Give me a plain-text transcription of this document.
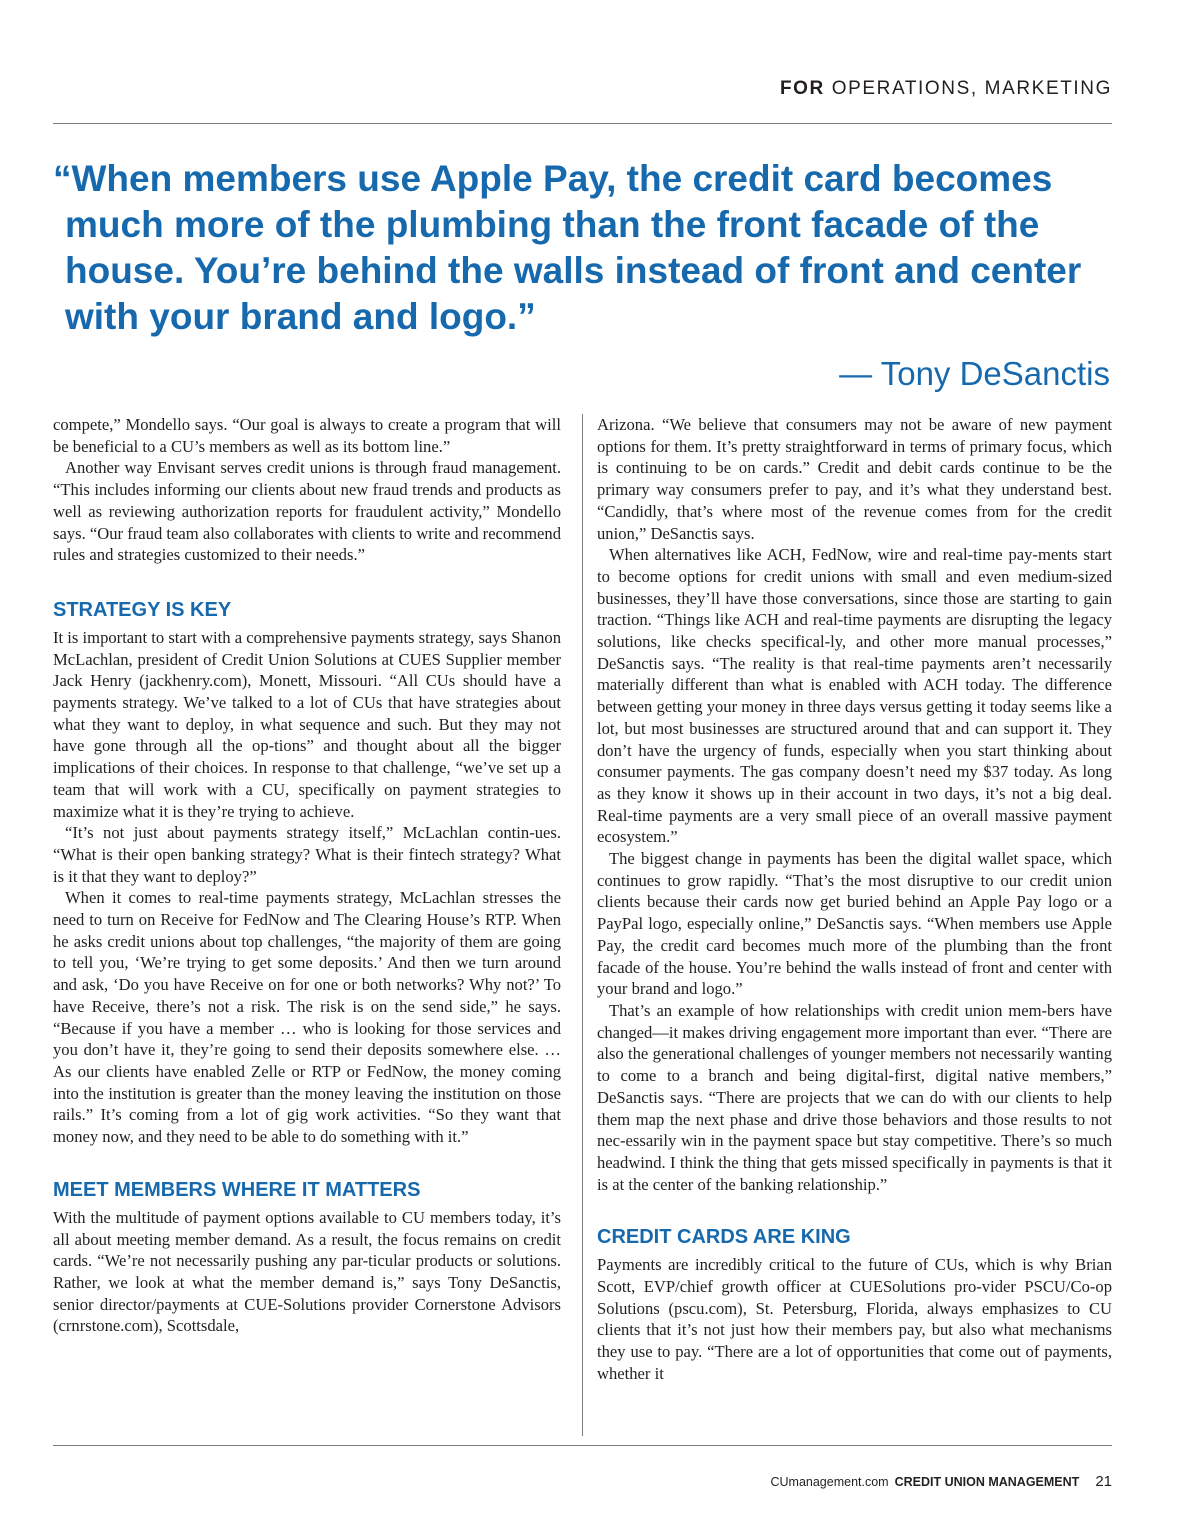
FOR OPERATIONS, MARKETING
“When members use Apple Pay, the credit card becomes much more of the plumbing than the front facade of the house. You’re behind the walls instead of front and center with your brand and logo.”
— Tony DeSanctis

compete,” Mondello says. “Our goal is always to create a program that will be beneficial to a CU’s members as well as its bottom line.”

Another way Envisant serves credit unions is through fraud management. “This includes informing our clients about new fraud trends and products as well as reviewing authorization reports for fraudulent activity,” Mondello says. “Our fraud team also collaborates with clients to write and recommend rules and strategies customized to their needs.”

STRATEGY IS KEY

It is important to start with a comprehensive payments strategy, says Shanon McLachlan, president of Credit Union Solutions at CUES Supplier member Jack Henry (jackhenry.com), Monett, Missouri. “All CUs should have a payments strategy. We’ve talked to a lot of CUs that have strategies about what they want to deploy, in what sequence and such. But they may not have gone through all the op-tions” and thought about all the bigger implications of their choices. In response to that challenge, “we’ve set up a team that will work with a CU, specifically on payment strategies to maximize what it is they’re trying to achieve.

“It’s not just about payments strategy itself,” McLachlan contin-ues. “What is their open banking strategy? What is their fintech strategy? What is it that they want to deploy?”

When it comes to real-time payments strategy, McLachlan stresses the need to turn on Receive for FedNow and The Clearing House’s RTP. When he asks credit unions about top challenges, “the majority of them are going to tell you, ‘We’re trying to get some deposits.’ And then we turn around and ask, ‘Do you have Receive on for one or both networks? Why not?’ To have Receive, there’s not a risk. The risk is on the send side,” he says. “Because if you have a member … who is looking for those services and you don’t have it, they’re going to send their deposits somewhere else. … As our clients have enabled Zelle or RTP or FedNow, the money coming into the institution is greater than the money leaving the institution on those rails.” It’s coming from a lot of gig work activities. “So they want that money now, and they need to be able to do something with it.”

MEET MEMBERS WHERE IT MATTERS

With the multitude of payment options available to CU members today, it’s all about meeting member demand. As a result, the focus remains on credit cards. “We’re not necessarily pushing any par-ticular products or solutions. Rather, we look at what the member demand is,” says Tony DeSanctis, senior director/payments at CUE-Solutions provider Cornerstone Advisors (crnrstone.com), Scottsdale,

Arizona. “We believe that consumers may not be aware of new payment options for them. It’s pretty straightforward in terms of primary focus, which is continuing to be on cards.” Credit and debit cards continue to be the primary way consumers prefer to pay, and it’s what they understand best. “Candidly, that’s where most of the revenue comes from for the credit union,” DeSanctis says.

When alternatives like ACH, FedNow, wire and real-time pay-ments start to become options for credit unions with small and even medium-sized businesses, they’ll have those conversations, since those are starting to gain traction. “Things like ACH and real-time payments are disrupting the legacy solutions, like checks specifical-ly, and other more manual processes,” DeSanctis says. “The reality is that real-time payments aren’t necessarily materially different than what is enabled with ACH today. The difference between getting your money in three days versus getting it today seems like a lot, but most businesses are structured around that and can support it. They don’t have the urgency of funds, especially when you start thinking about consumer payments. The gas company doesn’t need my $37 today. As long as they know it shows up in their account in two days, it’s not a big deal. Real-time payments are a very small piece of an overall massive payment ecosystem.”

The biggest change in payments has been the digital wallet space, which continues to grow rapidly. “That’s the most disruptive to our credit union clients because their cards now get buried behind an Apple Pay logo or a PayPal logo, especially online,” DeSanctis says. “When members use Apple Pay, the credit card becomes much more of the plumbing than the front facade of the house. You’re behind the walls instead of front and center with your brand and logo.”

That’s an example of how relationships with credit union mem-bers have changed—it makes driving engagement more important than ever. “There are also the generational challenges of younger members not necessarily wanting to come to a branch and being digital-first, digital native members,” DeSanctis says. “There are projects that we can do with our clients to help them map the next phase and drive those behaviors and those results to not nec-essarily win in the payment space but stay competitive. There’s so much headwind. I think the thing that gets missed specifically in payments is that it is at the center of the banking relationship.”

CREDIT CARDS ARE KING

Payments are incredibly critical to the future of CUs, which is why Brian Scott, EVP/chief growth officer at CUESolutions pro-vider PSCU/Co-op Solutions (pscu.com), St. Petersburg, Florida, always emphasizes to CU clients that it’s not just how their members pay, but also what mechanisms they use to pay. “There are a lot of opportunities that come out of payments, whether it

CUmanagement.com CREDIT UNION MANAGEMENT 21
